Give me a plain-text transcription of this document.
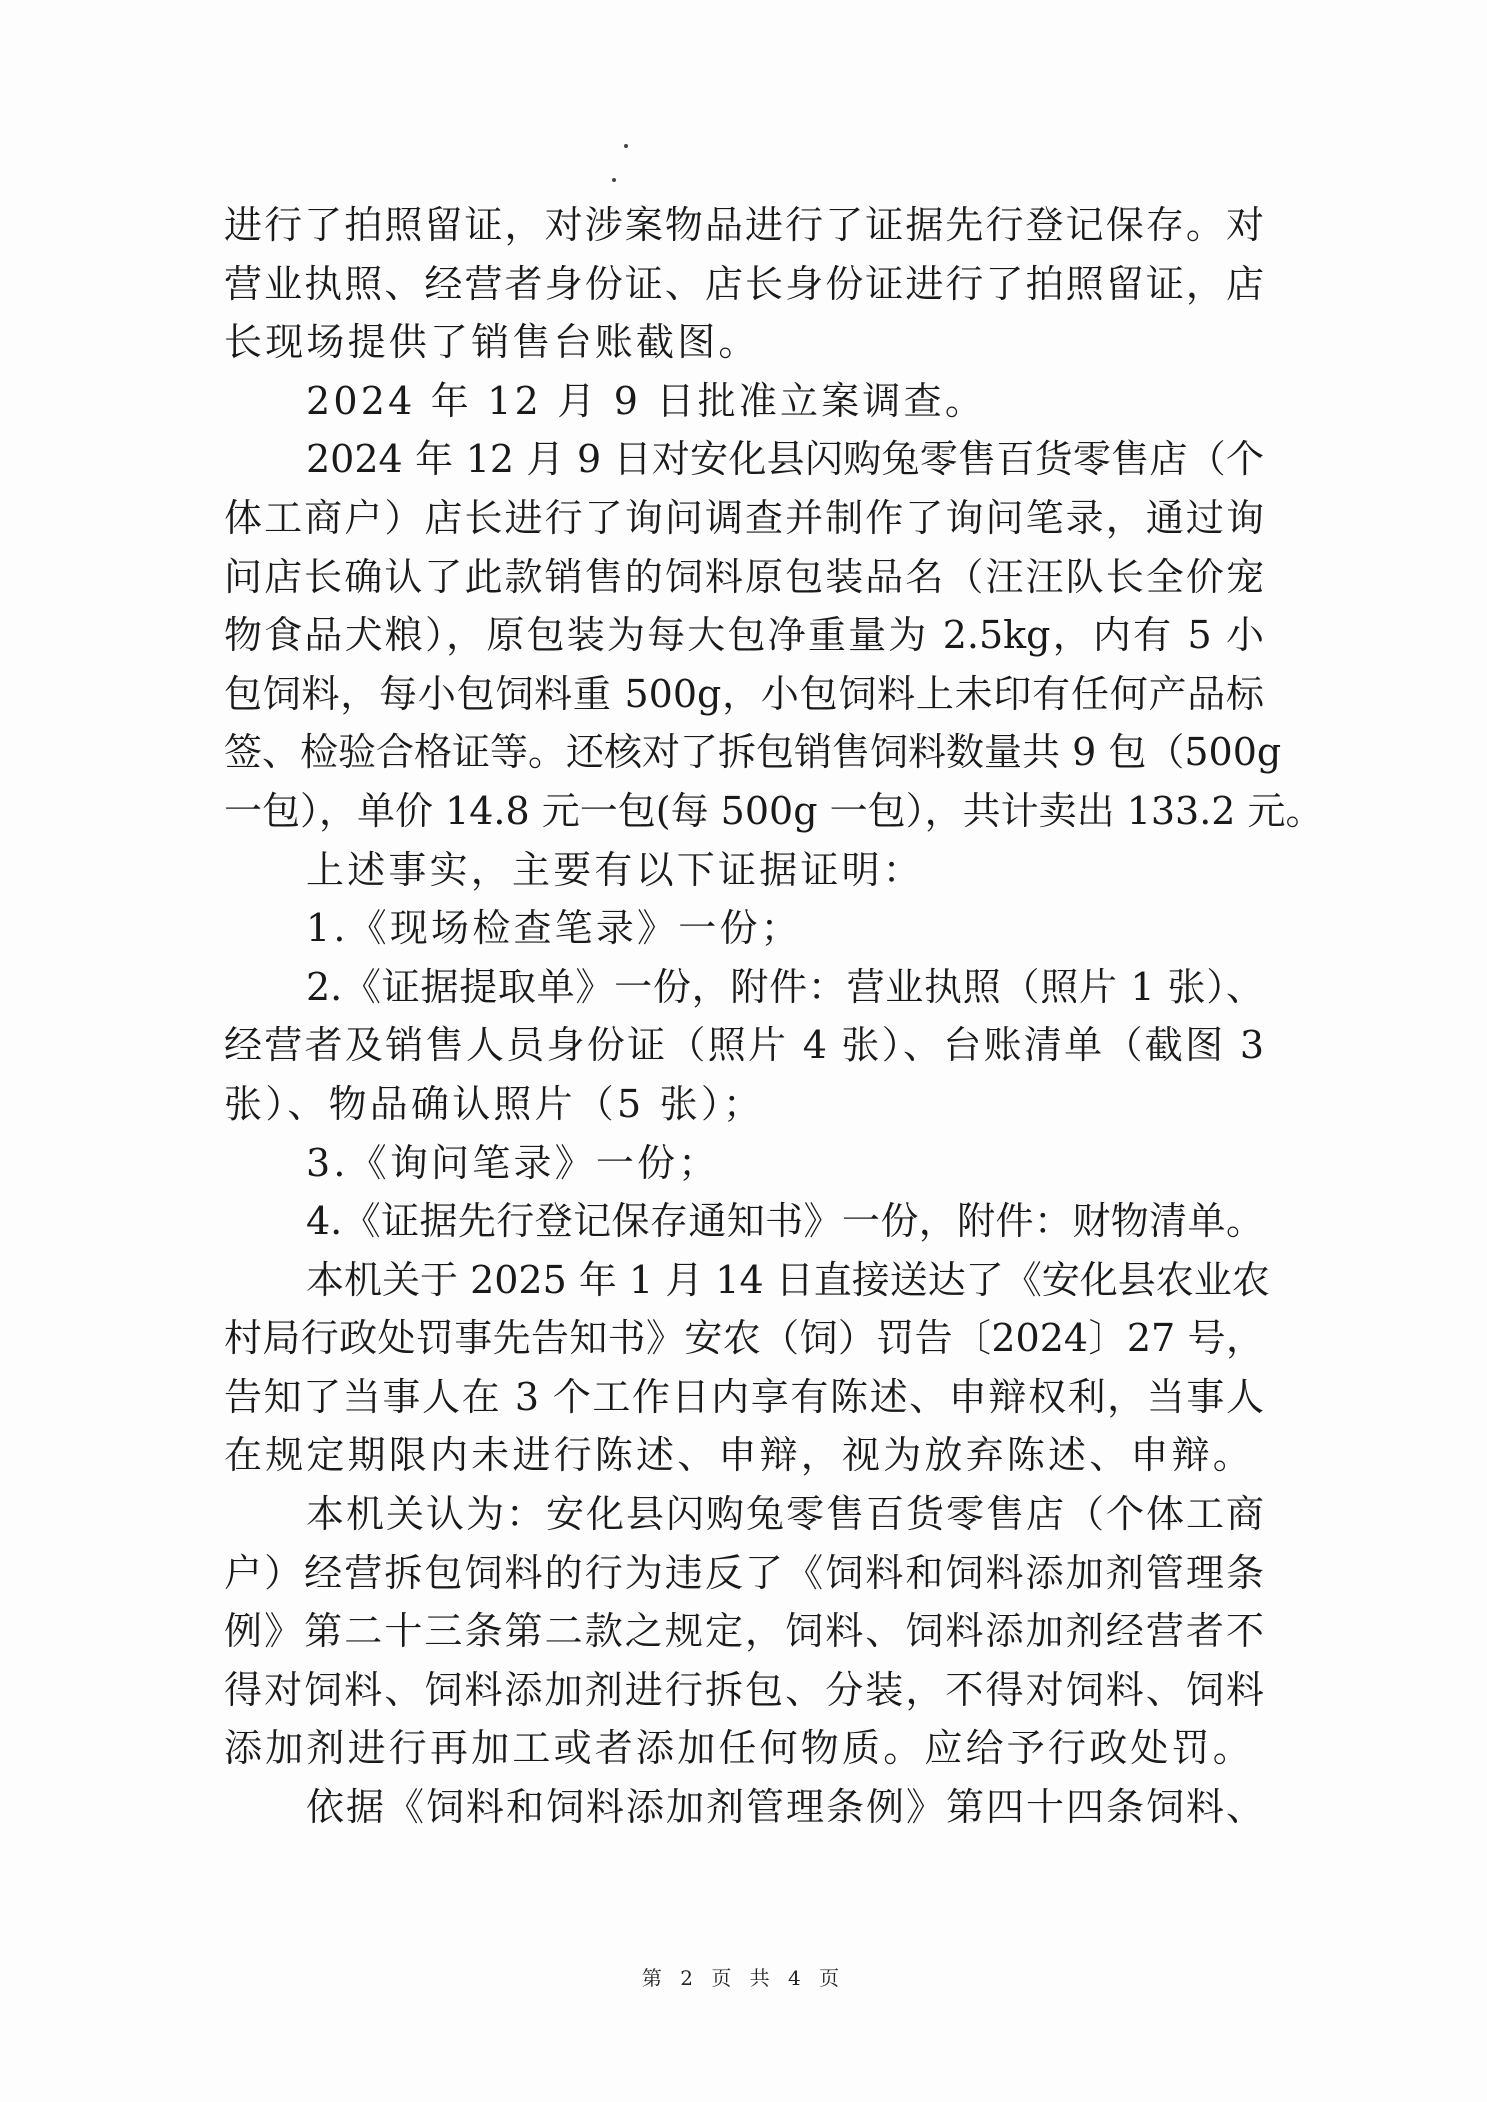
进行了拍照留证，对涉案物品进行了证据先行登记保存。对
营业执照、经营者身份证、店长身份证进行了拍照留证，店
长现场提供了销售台账截图。
2024 年 12 月 9 日批准立案调查。
2024 年 12 月 9 日对安化县闪购兔零售百货零售店（个
体工商户）店长进行了询问调查并制作了询问笔录，通过询
问店长确认了此款销售的饲料原包装品名（汪汪队长全价宠
物食品犬粮），原包装为每大包净重量为 2.5kg，内有 5 小
包饲料，每小包饲料重 500g，小包饲料上未印有任何产品标
签、检验合格证等。还核对了拆包销售饲料数量共 9 包（500g
一包），单价 14.8 元一包(每 500g 一包），共计卖出 133.2 元。
上述事实，主要有以下证据证明：
1.《现场检查笔录》一份；
2.《证据提取单》一份，附件：营业执照（照片 1 张）、
经营者及销售人员身份证（照片 4 张）、台账清单（截图 3
张）、物品确认照片（5 张）；
3.《询问笔录》一份；
4.《证据先行登记保存通知书》一份，附件：财物清单。
本机关于 2025 年 1 月 14 日直接送达了《安化县农业农
村局行政处罚事先告知书》安农（饲）罚告〔2024〕27 号，
告知了当事人在 3 个工作日内享有陈述、申辩权利，当事人
在规定期限内未进行陈述、申辩，视为放弃陈述、申辩。
本机关认为：安化县闪购兔零售百货零售店（个体工商
户）经营拆包饲料的行为违反了《饲料和饲料添加剂管理条
例》第二十三条第二款之规定，饲料、饲料添加剂经营者不
得对饲料、饲料添加剂进行拆包、分装，不得对饲料、饲料
添加剂进行再加工或者添加任何物质。应给予行政处罚。
依据《饲料和饲料添加剂管理条例》第四十四条饲料、
第 2 页 共 4 页
